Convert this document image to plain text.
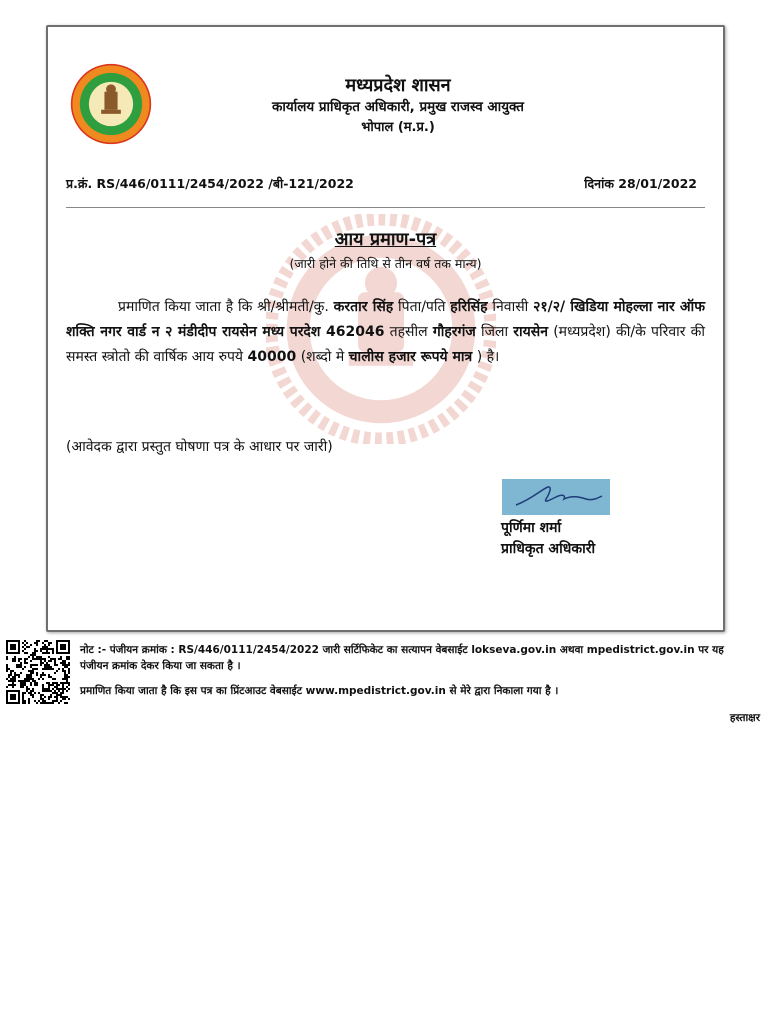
मध्यप्रदेश शासन
कार्यालय प्राधिकृत अधिकारी, प्रमुख राजस्व आयुक्त
भोपाल (म.प्र.)
प्र.क्रं. RS/446/0111/2454/2022 /बी-121/2022	दिनांक 28/01/2022
आय प्रमाण-पत्र
(जारी होने की तिथि से तीन वर्ष तक मान्य)
प्रमाणित किया जाता है कि श्री/श्रीमती/कु. करतार सिंह पिता/पति हरिसिंह निवासी २१/२/ खिडिया मोहल्ला नार ऑफ शक्ति नगर वार्ड न २ मंडीदीप रायसेन मध्य परदेश 462046 तहसील गौहरगंज जिला रायसेन (मध्यप्रदेश) की/के परिवार की समस्त स्त्रोतो की वार्षिक आय रुपये 40000 (शब्दो मे चालीस हजार रूपये मात्र ) है।
(आवेदक द्वारा प्रस्तुत घोषणा पत्र के आधार पर जारी)
पूर्णिमा शर्मा
प्राधिकृत अधिकारी
नोट :- पंजीयन क्रमांक : RS/446/0111/2454/2022 जारी सर्टिफिकेट का सत्यापन वेबसाईट lokseva.gov.in अथवा mpedistrict.gov.in पर यह पंजीयन क्रमांक देकर किया जा सकता है ।
प्रमाणित किया जाता है कि इस पत्र का प्रिंटआउट वेबसाईट www.mpedistrict.gov.in से मेरे द्वारा निकाला गया है ।
हस्ताक्षर
